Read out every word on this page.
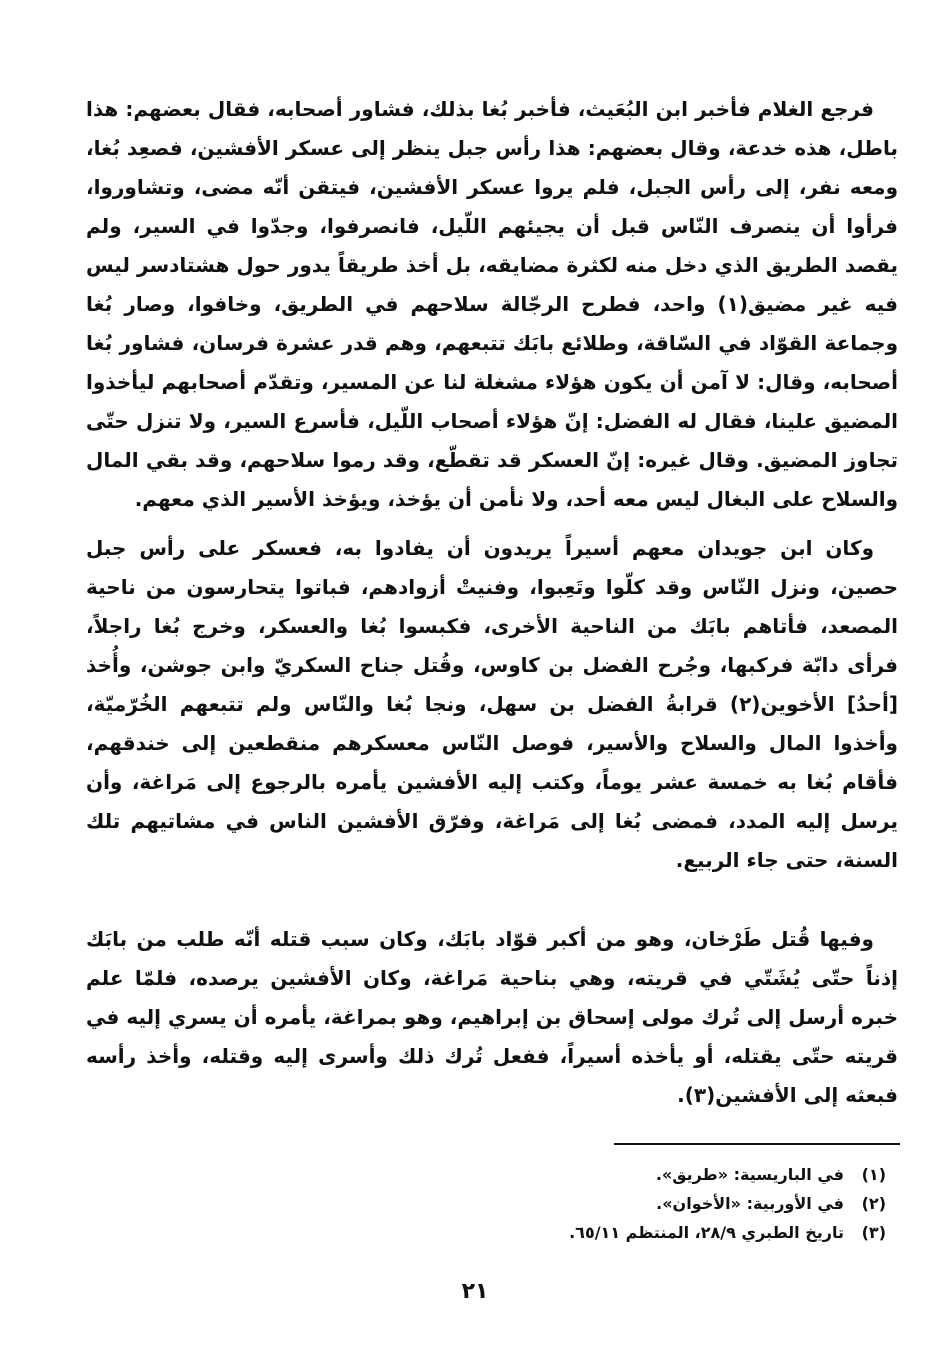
فرجع الغلام فأخبر ابن البُعَيث، فأخبر بُغا بذلك، فشاور أصحابه، فقال بعضهم: هذا باطل، هذه خدعة، وقال بعضهم: هذا رأس جبل ينظر إلى عسكر الأفشين، فصعِد بُغا، ومعه نفر، إلى رأس الجبل، فلم يروا عسكر الأفشين، فيتقن أنّه مضى، وتشاوروا، فرأوا أن ينصرف النّاس قبل أن يجيئهم اللّيل، فانصرفوا، وجدّوا في السير، ولم يقصد الطريق الذي دخل منه لكثرة مضايقه، بل أخذ طريقاً يدور حول هشتادسر ليس فيه غير مضيق(١) واحد، فطرح الرجّالة سلاحهم في الطريق، وخافوا، وصار بُغا وجماعة القوّاد في السّاقة، وطلائع بابَك تتبعهم، وهم قدر عشرة فرسان، فشاور بُغا أصحابه، وقال: لا آمن أن يكون هؤلاء مشغلة لنا عن المسير، وتقدّم أصحابهم ليأخذوا المضيق علينا، فقال له الفضل: إنّ هؤلاء أصحاب اللّيل، فأسرع السير، ولا تنزل حتّى تجاوز المضيق. وقال غيره: إنّ العسكر قد تقطّع، وقد رموا سلاحهم، وقد بقي المال والسلاح على البغال ليس معه أحد، ولا نأمن أن يؤخذ، ويؤخذ الأسير الذي معهم.

وكان ابن جويدان معهم أسيراً يريدون أن يفادوا به، فعسكر على رأس جبل حصين، ونزل النّاس وقد كلّوا وتَعِبوا، وفنيتْ أزوادهم، فباتوا يتحارسون من ناحية المصعد، فأتاهم بابَك من الناحية الأخرى، فكبسوا بُغا والعسكر، وخرج بُغا راجلاً، فرأى دابّة فركبها، وجُرح الفضل بن كاوس، وقُتل جناح السكريّ وابن جوشن، وأُخذ [أحدُ] الأخوين(٢) قرابةُ الفضل بن سهل، ونجا بُغا والنّاس ولم تتبعهم الخُرّميّة، وأخذوا المال والسلاح والأسير، فوصل النّاس معسكرهم منقطعين إلى خندقهم، فأقام بُغا به خمسة عشر يوماً، وكتب إليه الأفشين يأمره بالرجوع إلى مَراغة، وأن يرسل إليه المدد، فمضى بُغا إلى مَراغة، وفرّق الأفشين الناس في مشاتيهم تلك السنة، حتى جاء الربيع.

وفيها قُتل طَرْخان، وهو من أكبر قوّاد بابَك، وكان سبب قتله أنّه طلب من بابَك إذناً حتّى يُشَتّي في قريته، وهي بناحية مَراغة، وكان الأفشين يرصده، فلمّا علم خبره أرسل إلى تُرك مولى إسحاق بن إبراهيم، وهو بمراغة، يأمره أن يسري إليه في قريته حتّى يقتله، أو يأخذه أسيراً، ففعل تُرك ذلك وأسرى إليه وقتله، وأخذ رأسه فبعثه إلى الأفشين(٣).

(١)
في الباريسية: «طريق».
(٢)
في الأوربية: «الأخوان».
(٣)
تاريخ الطبري ٢٨/٩، المنتظم ٦٥/١١.
٢١
